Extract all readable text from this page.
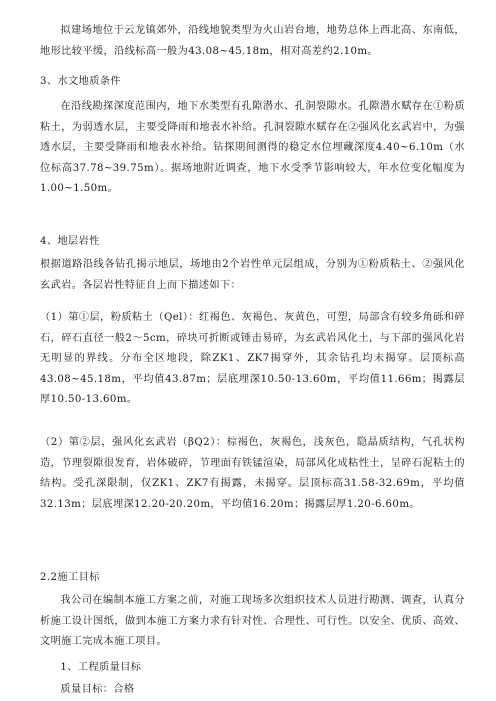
拟建场地位于云龙镇郊外，沿线地貌类型为火山岩台地，地势总体上西北高、东南低，地形比较平缓，沿线标高一般为43.08~45.18m，相对高差约2.10m。

3、水文地质条件

在沿线勘探深度范围内，地下水类型有孔隙潜水、孔洞裂隙水。孔隙潜水赋存在①粉质粘土，为弱透水层，主要受降雨和地表水补给。孔洞裂隙水赋存在②强风化玄武岩中，为强透水层，主要受降雨和地表水补给。钻探期间测得的稳定水位埋藏深度4.40~6.10m（水位标高37.78~39.75m）。据场地附近调查，地下水受季节影响较大，年水位变化幅度为1.00~1.50m。

4、地层岩性

根据道路沿线各钻孔揭示地层，场地由2个岩性单元层组成，分别为①粉质粘土、②强风化玄武岩。各层岩性特征自上而下描述如下：

（1）第①层，粉质粘土（Qel）：红褐色、灰褐色、灰黄色，可塑，局部含有较多角砾和碎石，碎石直径一般2～5cm，碎块可折断或锤击易碎，为玄武岩风化土，与下部的强风化岩无明显的界线。分布全区地段，除ZK1、ZK7揭穿外，其余钻孔均未揭穿。层顶标高43.08~45.18m，平均值43.87m；层底埋深10.50-13.60m，平均值11.66m；揭露层厚10.50-13.60m。

（2）第②层，强风化玄武岩（βQ2）：棕褐色，灰褐色，浅灰色，隐晶质结构，气孔状构造，节理裂隙很发育，岩体破碎，节理面有铁锰渲染，局部风化成粘性土，呈碎石泥粘土的结构。受孔深限制，仅ZK1、ZK7有揭露，未揭穿。层顶标高31.58-32.69m，平均值32.13m；层底埋深12.20-20.20m，平均值16.20m；揭露层厚1.20-6.60m。

2.2施工目标

我公司在编制本施工方案之前，对施工现场多次组织技术人员进行勘测、调查，认真分析施工设计图纸，做到本施工方案力求有针对性、合理性、可行性。以安全、优质、高效、文明施工完成本施工项目。

1、工程质量目标

质量目标：合格
